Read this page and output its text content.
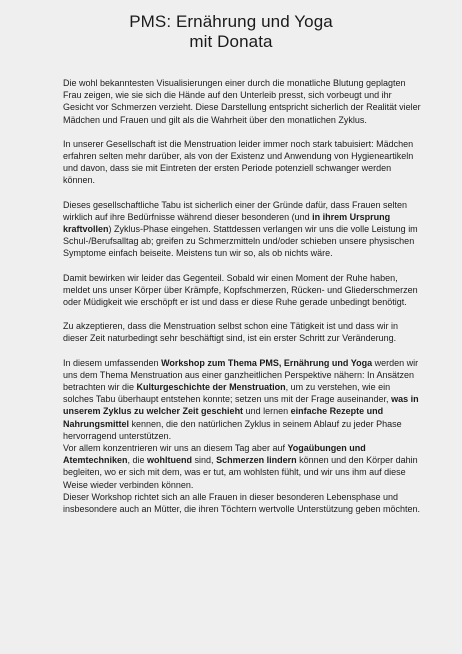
PMS: Ernährung und Yoga
mit Donata

Die wohl bekanntesten Visualisierungen einer durch die monatliche Blutung geplagten Frau zeigen, wie sie sich die Hände auf den Unterleib presst, sich vorbeugt und ihr Gesicht vor Schmerzen verzieht. Diese Darstellung entspricht sicherlich der Realität vieler Mädchen und Frauen und gilt als die Wahrheit über den monatlichen Zyklus.

In unserer Gesellschaft ist die Menstruation leider immer noch stark tabuisiert: Mädchen erfahren selten mehr darüber, als von der Existenz und Anwendung von Hygieneartikeln und davon, dass sie mit Eintreten der ersten Periode potenziell schwanger werden können.

Dieses gesellschaftliche Tabu ist sicherlich einer der Gründe dafür, dass Frauen selten wirklich auf ihre Bedürfnisse während dieser besonderen (und in ihrem Ursprung kraftvollen) Zyklus-Phase eingehen. Stattdessen verlangen wir uns die volle Leistung im Schul-/Berufsalltag ab; greifen zu Schmerzmitteln und/oder schieben unsere physischen Symptome einfach beiseite. Meistens tun wir so, als ob nichts wäre.

Damit bewirken wir leider das Gegenteil. Sobald wir einen Moment der Ruhe haben, meldet uns unser Körper über Krämpfe, Kopfschmerzen, Rücken- und Gliederschmerzen oder Müdigkeit wie erschöpft er ist und dass er diese Ruhe gerade unbedingt benötigt.

Zu akzeptieren, dass die Menstruation selbst schon eine Tätigkeit ist und dass wir in dieser Zeit naturbedingt sehr beschäftigt sind, ist ein erster Schritt zur Veränderung.

In diesem umfassenden Workshop zum Thema PMS, Ernährung und Yoga werden wir uns dem Thema Menstruation aus einer ganzheitlichen Perspektive nähern: In Ansätzen betrachten wir die Kulturgeschichte der Menstruation, um zu verstehen, wie ein solches Tabu überhaupt entstehen konnte; setzen uns mit der Frage auseinander, was in unserem Zyklus zu welcher Zeit geschieht und lernen einfache Rezepte und Nahrungsmittel kennen, die den natürlichen Zyklus in seinem Ablauf zu jeder Phase hervorragend unterstützen.

Vor allem konzentrieren wir uns an diesem Tag aber auf Yogaübungen und Atemtechniken, die wohltuend sind, Schmerzen lindern können und den Körper dahin begleiten, wo er sich mit dem, was er tut, am wohlsten fühlt, und wir uns ihm auf diese Weise wieder verbinden können.

Dieser Workshop richtet sich an alle Frauen in dieser besonderen Lebensphase und insbesondere auch an Mütter, die ihren Töchtern wertvolle Unterstützung geben möchten.
